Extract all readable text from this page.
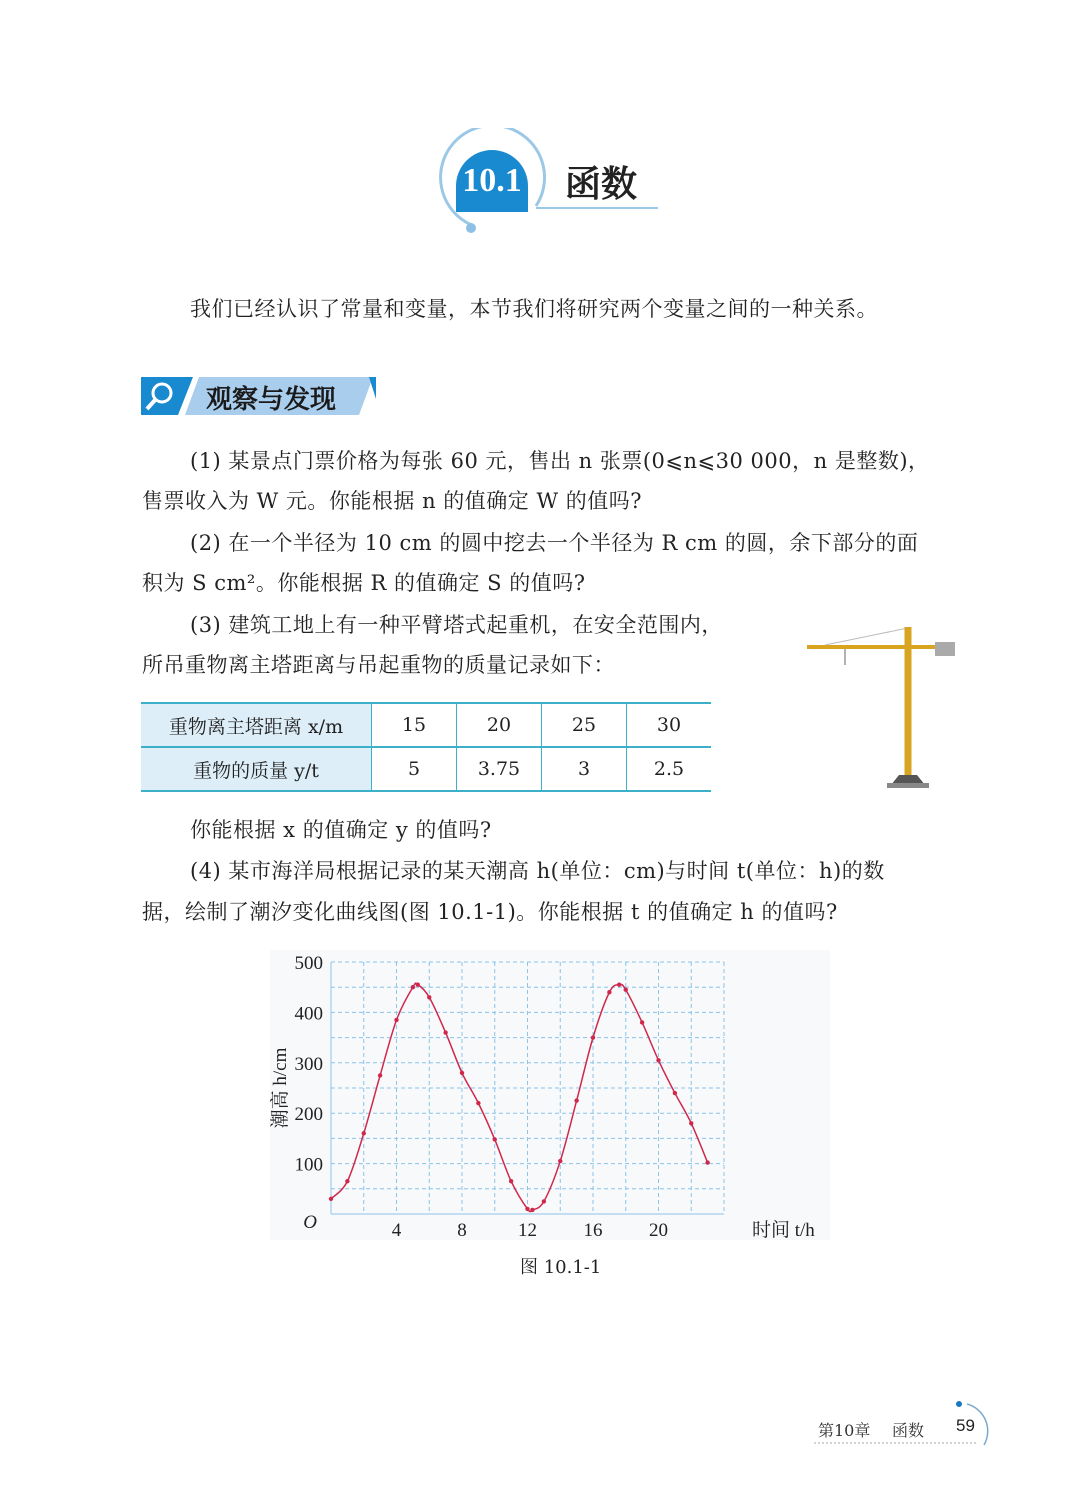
10.1 函数
我们已经认识了常量和变量，本节我们将研究两个变量之间的一种关系。
观察与发现
(1) 某景点门票价格为每张 60 元，售出 n 张票(0⩽n⩽30 000，n 是整数)，
售票收入为 W 元。你能根据 n 的值确定 W 的值吗?
(2) 在一个半径为 10 cm 的圆中挖去一个半径为 R cm 的圆，余下部分的面
积为 S cm²。你能根据 R 的值确定 S 的值吗?
(3) 建筑工地上有一种平臂塔式起重机，在安全范围内，
所吊重物离主塔距离与吊起重物的质量记录如下：
重物离主塔距离 x/m	15	20	25	30
重物的质量 y/t	5	3.75	3	2.5
你能根据 x 的值确定 y 的值吗?
(4) 某市海洋局根据记录的某天潮高 h(单位：cm)与时间 t(单位：h)的数
据，绘制了潮汐变化曲线图(图 10.1-1)。你能根据 t 的值确定 h 的值吗?
4	8	12 16 20
100
200
300
400
500
O	时间 t/h
潮高 h/cm
图 10.1-1
第10章 函数 59
